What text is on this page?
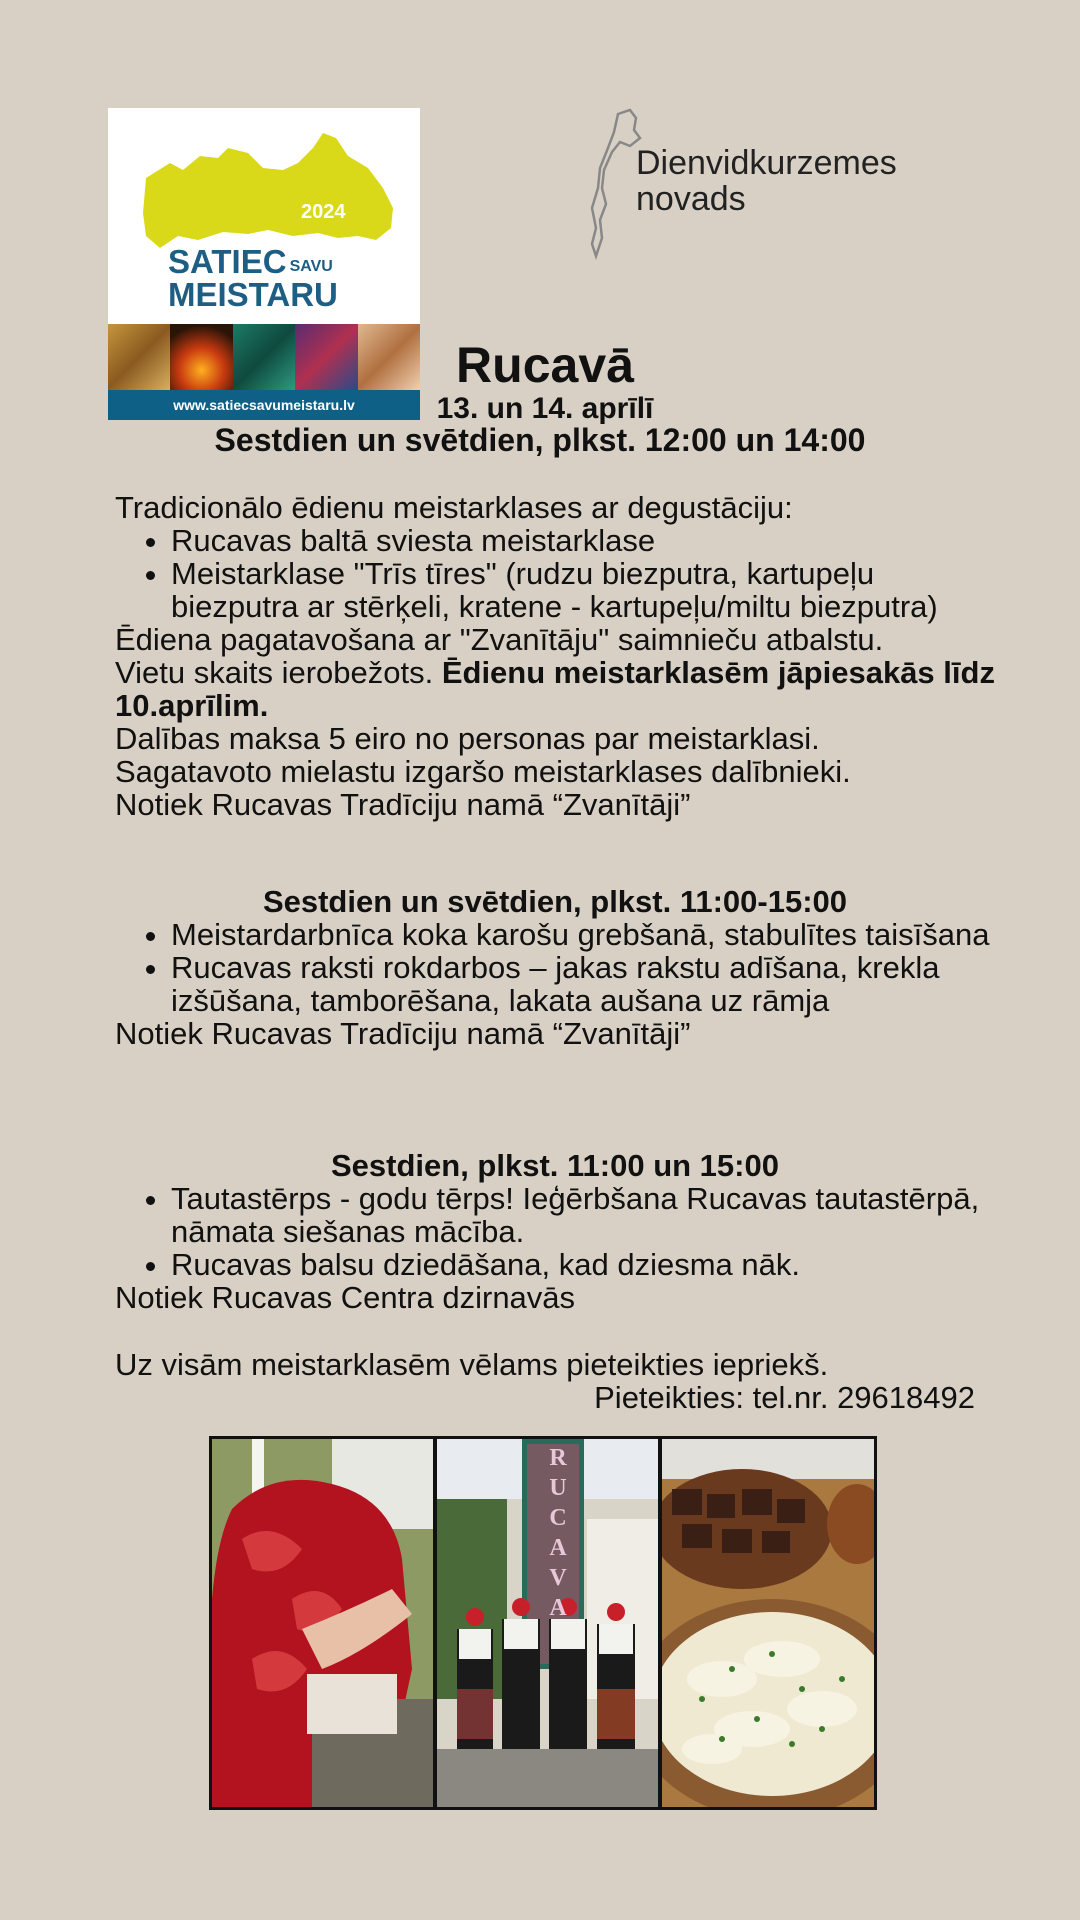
2024
SATIEC SAVU
MEISTARU
www.satiecsavumeistaru.lv
Dienvidkurzemes
novads
Rucavā
13. un 14. aprīlī
Sestdien un svētdien, plkst. 12:00 un 14:00
Tradicionālo ēdienu meistarklases ar degustāciju:
• Rucavas baltā sviesta meistarklase
• Meistarklase "Trīs tīres" (rudzu biezputra, kartupeļu biezputra ar stērķeli, kratene - kartupeļu/miltu biezputra)
Ēdiena pagatavošana ar "Zvanītāju" saimnieču atbalstu.
Vietu skaits ierobežots. Ēdienu meistarklasēm jāpiesakās līdz 10.aprīlim.
Dalības maksa 5 eiro no personas par meistarklasi.
Sagatavoto mielastu izgaršo meistarklases dalībnieki.
Notiek Rucavas Tradīciju namā “Zvanītāji”
Sestdien un svētdien, plkst. 11:00-15:00
• Meistardarbnīca koka karošu grebšanā, stabulītes taisīšana
• Rucavas raksti rokdarbos – jakas rakstu adīšana, krekla izšūšana, tamborēšana, lakata aušana uz rāmja
Notiek Rucavas Tradīciju namā “Zvanītāji”
Sestdien, plkst. 11:00 un 15:00
• Tautastērps - godu tērps! Ieģērbšana Rucavas tautastērpā, nāmata siešanas mācība.
• Rucavas balsu dziedāšana, kad dziesma nāk.
Notiek Rucavas Centra dzirnavās
Uz visām meistarklasēm vēlams pieteikties iepriekš.
Pieteikties: tel.nr. 29618492
RUCAVA
